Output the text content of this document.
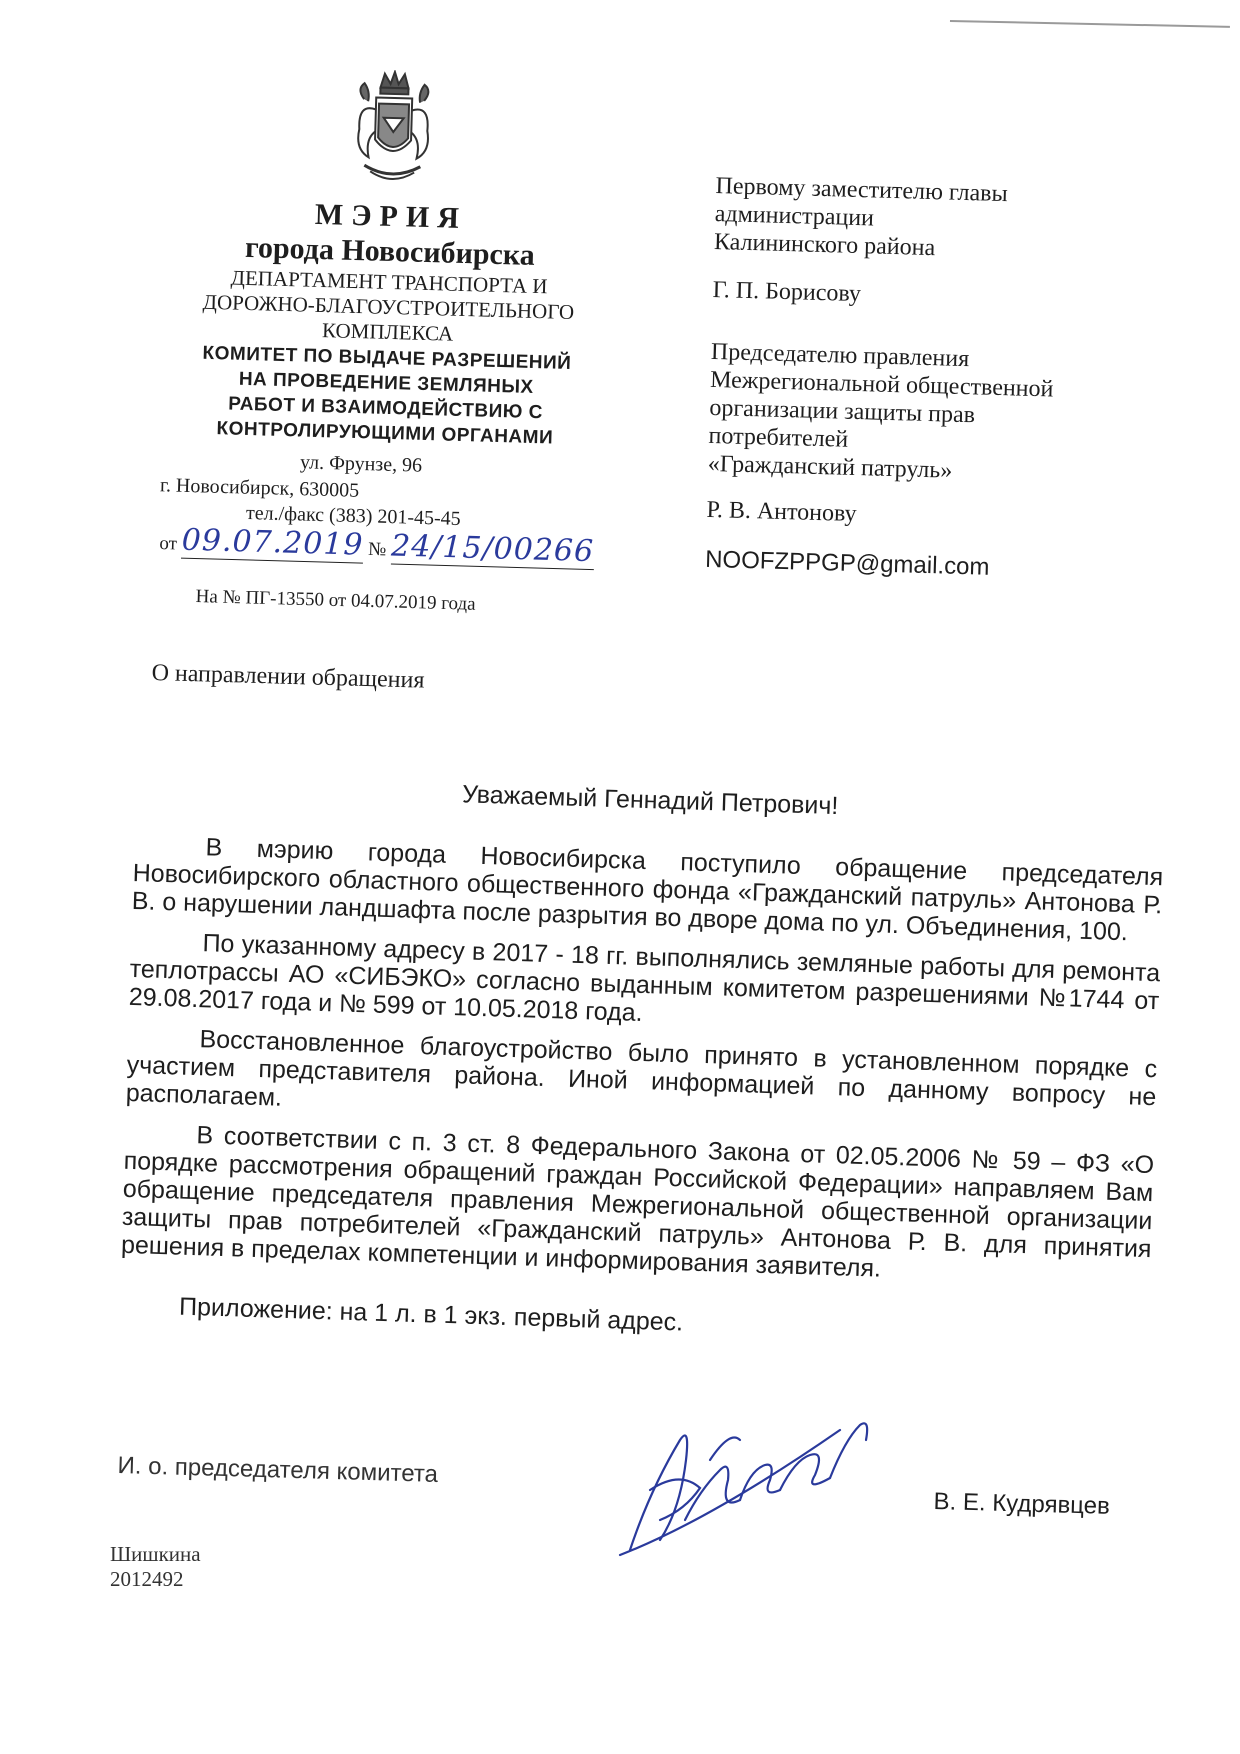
МЭРИЯ
города Новосибирска
ДЕПАРТАМЕНТ ТРАНСПОРТА И
ДОРОЖНО-БЛАГОУСТРОИТЕЛЬНОГО
КОМПЛЕКСА
КОМИТЕТ ПО ВЫДАЧЕ РАЗРЕШЕНИЙ
НА ПРОВЕДЕНИЕ ЗЕМЛЯНЫХ
РАБОТ И ВЗАИМОДЕЙСТВИЮ С
КОНТРОЛИРУЮЩИМИ ОРГАНАМИ
ул. Фрунзе, 96
г. Новосибирск, 630005
тел./факс (383) 201-45-45
от 09.07.2019 № 24/15/00266
На № ПГ-13550 от 04.07.2019 года
Первому заместителю главы
администрации
Калининского района
Г. П. Борисову
Председателю правления
Межрегиональной общественной
организации защиты прав
потребителей
«Гражданский патруль»
Р. В. Антонову
NOOFZPPGP@gmail.com
О направлении обращения
Уважаемый Геннадий Петрович!

В мэрию города Новосибирска поступило обращение председателя Новосибирского областного общественного фонда «Гражданский патруль» Антонова Р. В. о нарушении ландшафта после разрытия во дворе дома по ул. Объединения, 100.

По указанному адресу в 2017 - 18 гг. выполнялись земляные работы для ремонта теплотрассы АО «СИБЭКО» согласно выданным комитетом разрешениями №1744 от 29.08.2017 года и № 599 от 10.05.2018 года.

Восстановленное благоустройство было принято в установленном порядке с участием представителя района. Иной информацией по данному вопросу не располагаем.

В соответствии с п. 3 ст. 8 Федерального Закона от 02.05.2006 № 59 – ФЗ «О порядке рассмотрения обращений граждан Российской Федерации» направляем Вам обращение председателя правления Межрегиональной общественной организации защиты прав потребителей «Гражданский патруль» Антонова Р. В. для принятия решения в пределах компетенции и информирования заявителя.

Приложение: на 1 л. в 1 экз. первый адрес.
И. о. председателя комитета
В. Е. Кудрявцев
Шишкина
2012492
